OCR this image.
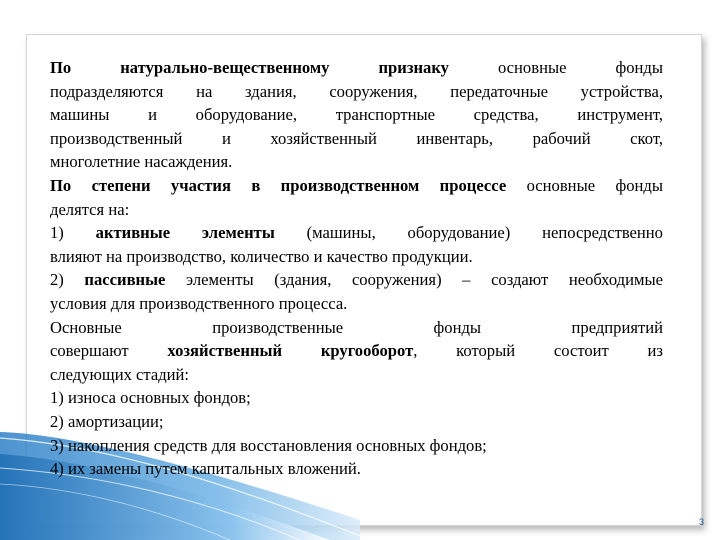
По натурально-вещественному признаку основные фонды

подразделяются на здания, сооружения, передаточные устройства,

машины и оборудование, транспортные средства, инструмент,

производственный и хозяйственный инвентарь, рабочий скот,

многолетние насаждения.

По степени участия в производственном процессе основные фонды

делятся на:

1) активные элементы (машины, оборудование) непосредственно

влияют на производство, количество и качество продукции.

2) пассивные элементы (здания, сооружения) – создают необходимые

условия для производственного процесса.

Основные производственные фонды предприятий

совершают хозяйственный кругооборот, который состоит из

следующих стадий:

1) износа основных фондов;

2) амортизации;

3) накопления средств для восстановления основных фондов;

4) их замены путем капитальных вложений.

3
